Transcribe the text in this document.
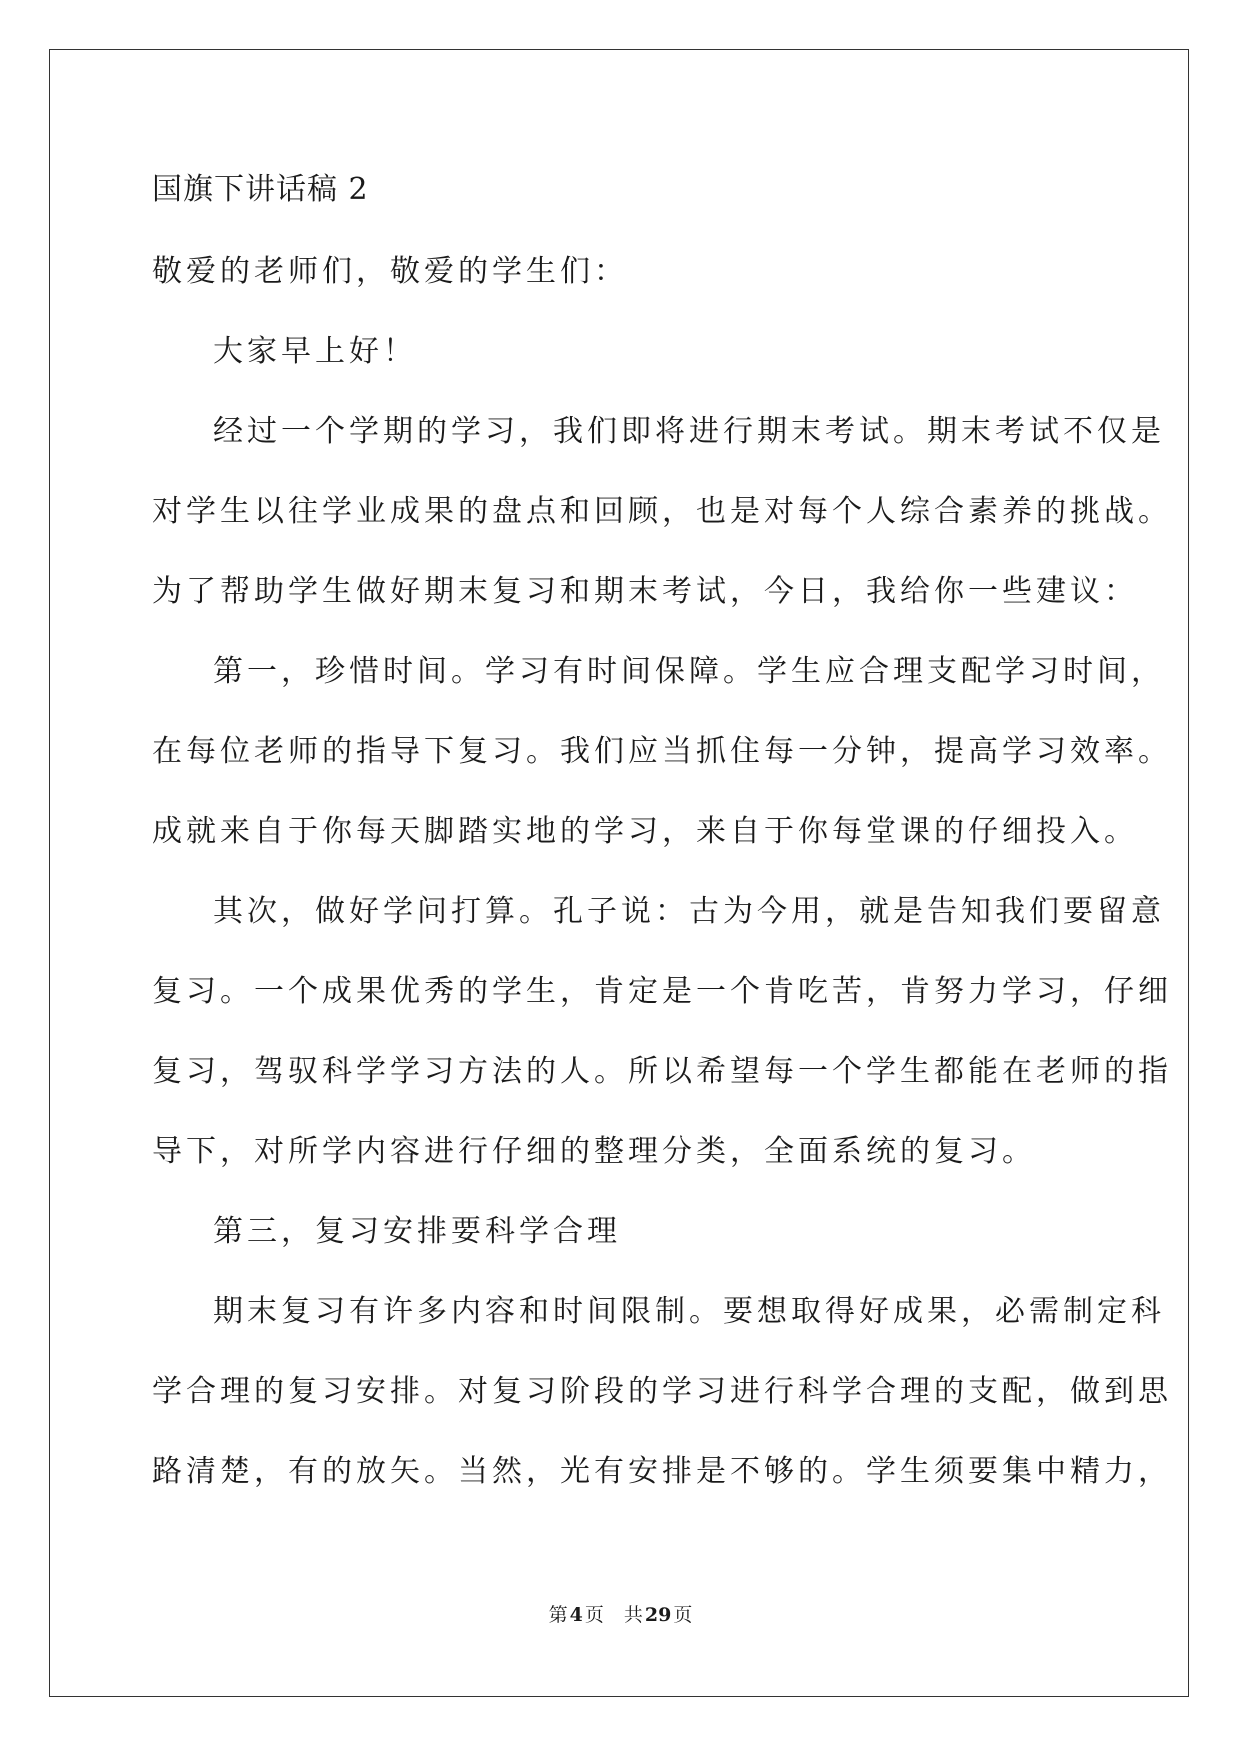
国旗下讲话稿 2
敬爱的老师们，敬爱的学生们：
大家早上好！
经过一个学期的学习，我们即将进行期末考试。期末考试不仅是
对学生以往学业成果的盘点和回顾，也是对每个人综合素养的挑战。
为了帮助学生做好期末复习和期末考试，今日，我给你一些建议：
第一，珍惜时间。学习有时间保障。学生应合理支配学习时间，
在每位老师的指导下复习。我们应当抓住每一分钟，提高学习效率。
成就来自于你每天脚踏实地的学习，来自于你每堂课的仔细投入。
其次，做好学问打算。孔子说：古为今用，就是告知我们要留意
复习。一个成果优秀的学生，肯定是一个肯吃苦，肯努力学习，仔细
复习，驾驭科学学习方法的人。所以希望每一个学生都能在老师的指
导下，对所学内容进行仔细的整理分类，全面系统的复习。
第三，复习安排要科学合理
期末复习有许多内容和时间限制。要想取得好成果，必需制定科
学合理的复习安排。对复习阶段的学习进行科学合理的支配，做到思
路清楚，有的放矢。当然，光有安排是不够的。学生须要集中精力，
第 4 页 共 29 页
